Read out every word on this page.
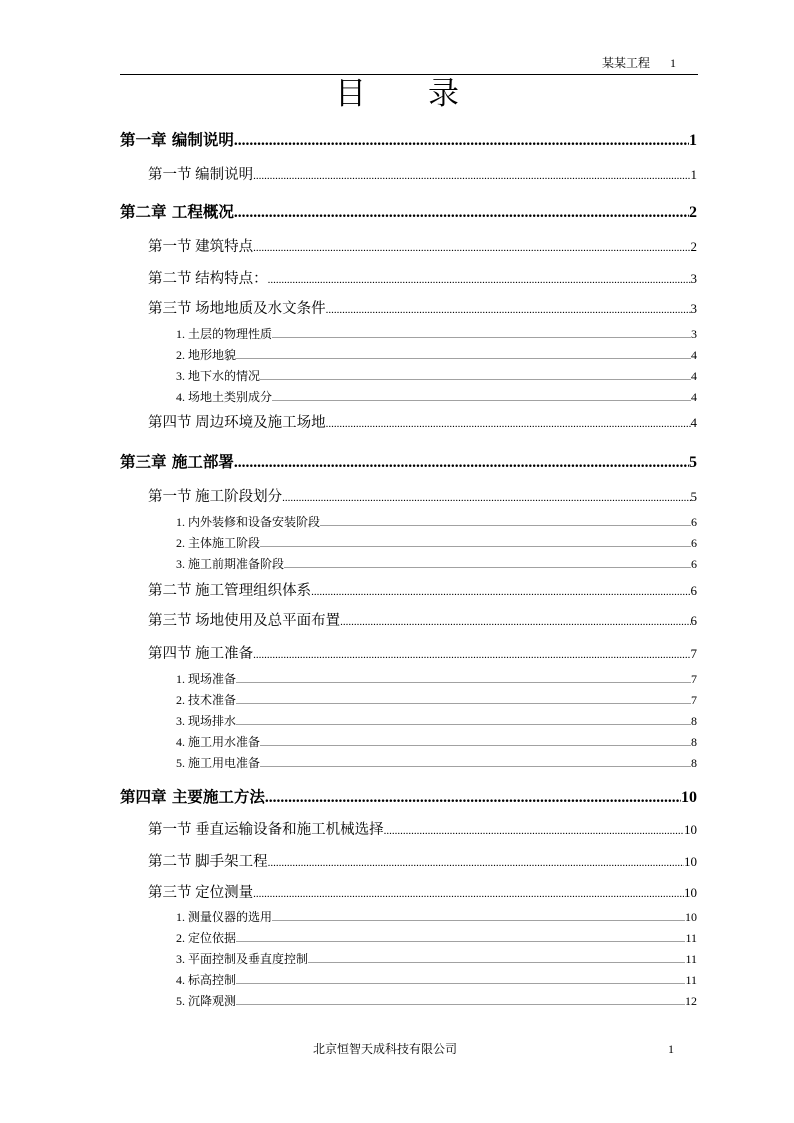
某某工程 1
目录
第一章 编制说明 .....	1
第一节 编制说明 .....	1
第二章 工程概况 .....	2
第一节 建筑特点 .....	2
第二节 结构特点： .....	3
第三节 场地地质及水文条件 .....	3
1. 土层的物理性质 .....	3
2. 地形地貌 .....	4
3. 地下水的情况 .....	4
4. 场地土类别成分 .....	4
第四节 周边环境及施工场地 .....	4
第三章 施工部署 .....	5
第一节 施工阶段划分 .....	5
1. 内外装修和设备安装阶段 .....	6
2. 主体施工阶段 .....	6
3. 施工前期准备阶段 .....	6
第二节 施工管理组织体系 .....	6
第三节 场地使用及总平面布置 .....	6
第四节 施工准备 .....	7
1. 现场准备 .....	7
2. 技术准备 .....	7
3. 现场排水 .....	8
4. 施工用水准备 .....	8
5. 施工用电准备 .....	8
第四章 主要施工方法 .....	10
第一节 垂直运输设备和施工机械选择 .....	10
第二节 脚手架工程 .....	10
第三节 定位测量 .....	10
1. 测量仪器的选用 .....	10
2. 定位依据 .....	11
3. 平面控制及垂直度控制 .....	11
4. 标高控制 .....	11
5. 沉降观测 .....	12
北京恒智天成科技有限公司	1
